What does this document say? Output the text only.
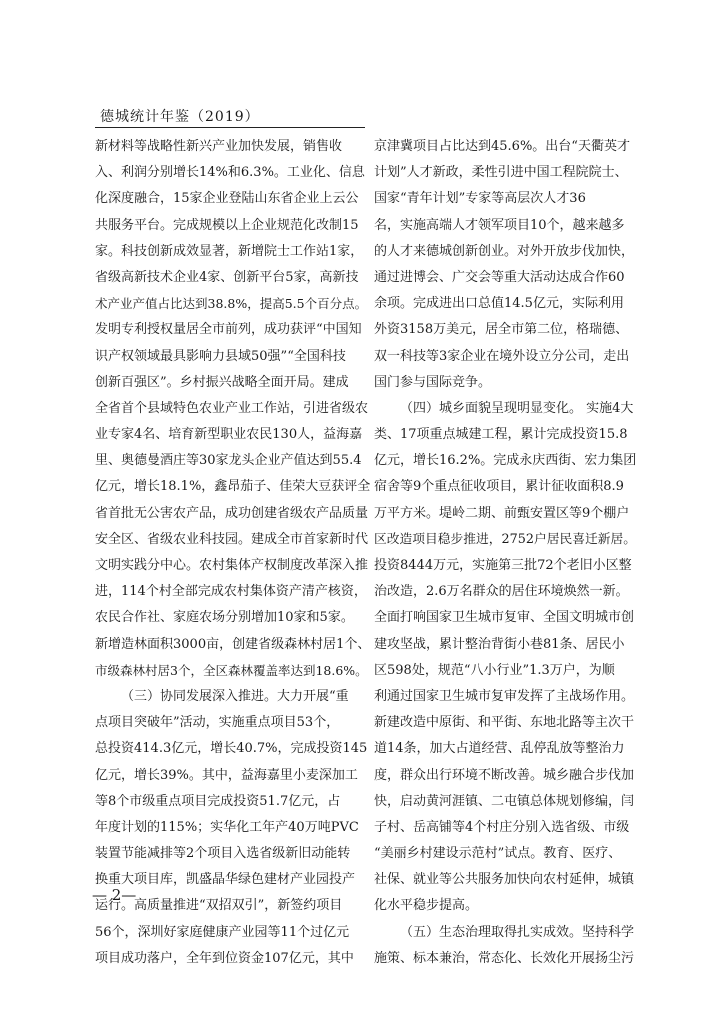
德城统计年鉴（2019）
新材料等战略性新兴产业加快发展，销售收
入、利润分别增长14%和6.3%。工业化、信息
化深度融合，15家企业登陆山东省企业上云公
共服务平台。完成规模以上企业规范化改制15
家。科技创新成效显著，新增院士工作站1家，
省级高新技术企业4家、创新平台5家，高新技
术产业产值占比达到38.8%，提高5.5个百分点。
发明专利授权量居全市前列，成功获评“中国知
识产权领域最具影响力县域50强”“全国科技
创新百强区”。乡村振兴战略全面开局。建成
全省首个县域特色农业产业工作站，引进省级农
业专家4名、培育新型职业农民130人，益海嘉
里、奥德曼酒庄等30家龙头企业产值达到55.4
亿元，增长18.1%，鑫昂茄子、佳荣大豆获评全
省首批无公害农产品，成功创建省级农产品质量
安全区、省级农业科技园。建成全市首家新时代
文明实践分中心。农村集体产权制度改革深入推
进，114个村全部完成农村集体资产清产核资，
农民合作社、家庭农场分别增加10家和5家。
新增造林面积3000亩，创建省级森林村居1个、
市级森林村居3个，全区森林覆盖率达到18.6%。
（三）协同发展深入推进。大力开展“重
点项目突破年”活动，实施重点项目53个，
总投资414.3亿元，增长40.7%，完成投资145
亿元，增长39%。其中，益海嘉里小麦深加工
等8个市级重点项目完成投资51.7亿元，占
年度计划的115%；实华化工年产40万吨PVC
装置节能减排等2个项目入选省级新旧动能转
换重大项目库，凯盛晶华绿色建材产业园投产
运行。高质量推进“双招双引”，新签约项目
56个，深圳好家庭健康产业园等11个过亿元
项目成功落户，全年到位资金107亿元，其中
京津冀项目占比达到45.6%。出台“天衢英才
计划”人才新政，柔性引进中国工程院院士、
国家“青年计划”专家等高层次人才36
名，实施高端人才领军项目10个，越来越多
的人才来德城创新创业。对外开放步伐加快，
通过进博会、广交会等重大活动达成合作60
余项。完成进出口总值14.5亿元，实际利用
外资3158万美元，居全市第二位，格瑞德、
双一科技等3家企业在境外设立分公司，走出
国门参与国际竞争。
（四）城乡面貌呈现明显变化。 实施4大
类、17项重点城建工程，累计完成投资15.8
亿元，增长16.2%。完成永庆西街、宏力集团
宿舍等9个重点征收项目，累计征收面积8.9
万平方米。堤岭二期、前甄安置区等9个棚户
区改造项目稳步推进，2752户居民喜迁新居。
投资8444万元，实施第三批72个老旧小区整
治改造，2.6万名群众的居住环境焕然一新。
全面打响国家卫生城市复审、全国文明城市创
建攻坚战，累计整治背街小巷81条、居民小
区598处，规范“八小行业”1.3万户，为顺
利通过国家卫生城市复审发挥了主战场作用。
新建改造中原街、和平街、东地北路等主次干
道14条，加大占道经营、乱停乱放等整治力
度，群众出行环境不断改善。城乡融合步伐加
快，启动黄河涯镇、二屯镇总体规划修编，闫
子村、岳高铺等4个村庄分别入选省级、市级
“美丽乡村建设示范村”试点。教育、医疗、
社保、就业等公共服务加快向农村延伸，城镇
化水平稳步提高。
（五）生态治理取得扎实成效。坚持科学
施策、标本兼治，常态化、长效化开展扬尘污
— 2—
